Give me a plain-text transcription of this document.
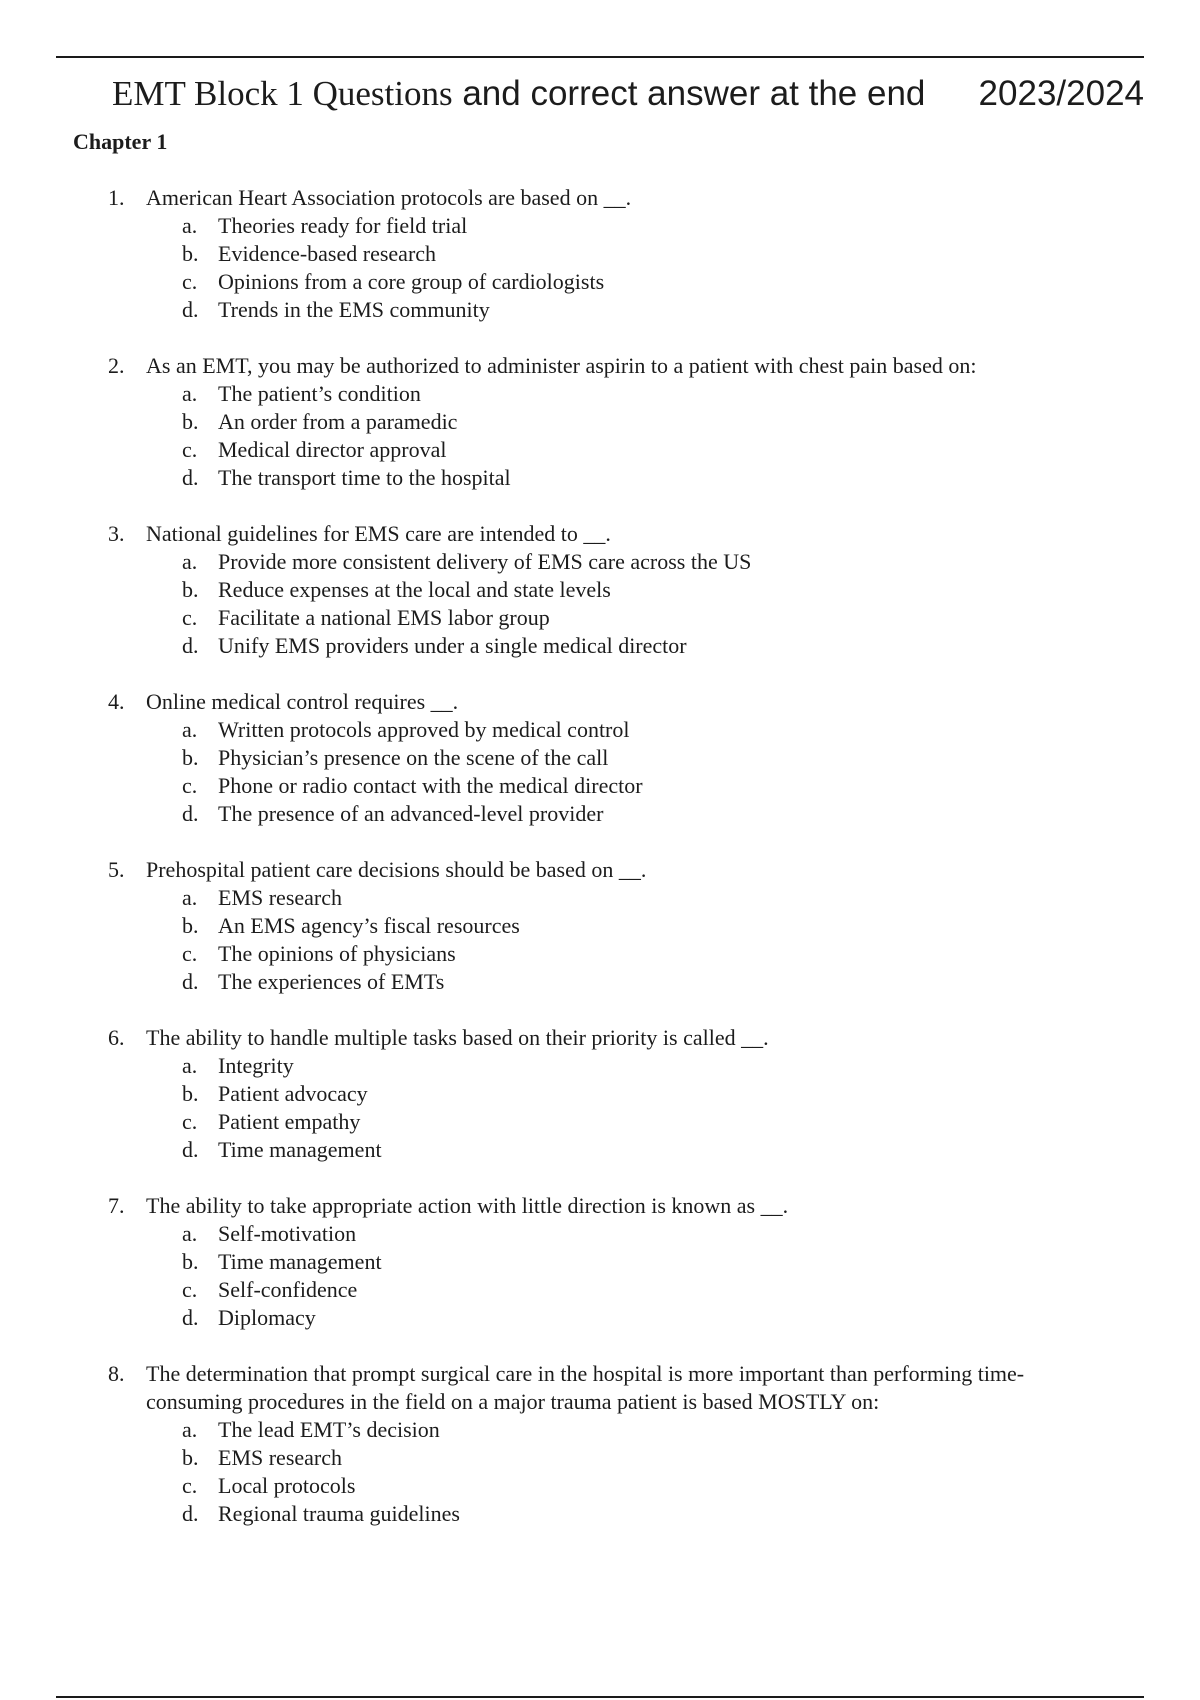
EMT Block 1 Questions and correct answer at the end 2023/2024
Chapter 1
1. American Heart Association protocols are based on __.
a. Theories ready for field trial
b. Evidence-based research
c. Opinions from a core group of cardiologists
d. Trends in the EMS community
2. As an EMT, you may be authorized to administer aspirin to a patient with chest pain based on:
a. The patient’s condition
b. An order from a paramedic
c. Medical director approval
d. The transport time to the hospital
3. National guidelines for EMS care are intended to __.
a. Provide more consistent delivery of EMS care across the US
b. Reduce expenses at the local and state levels
c. Facilitate a national EMS labor group
d. Unify EMS providers under a single medical director
4. Online medical control requires __.
a. Written protocols approved by medical control
b. Physician’s presence on the scene of the call
c. Phone or radio contact with the medical director
d. The presence of an advanced-level provider
5. Prehospital patient care decisions should be based on __.
a. EMS research
b. An EMS agency’s fiscal resources
c. The opinions of physicians
d. The experiences of EMTs
6. The ability to handle multiple tasks based on their priority is called __.
a. Integrity
b. Patient advocacy
c. Patient empathy
d. Time management
7. The ability to take appropriate action with little direction is known as __.
a. Self-motivation
b. Time management
c. Self-confidence
d. Diplomacy
8. The determination that prompt surgical care in the hospital is more important than performing time-consuming procedures in the field on a major trauma patient is based MOSTLY on:
a. The lead EMT’s decision
b. EMS research
c. Local protocols
d. Regional trauma guidelines
